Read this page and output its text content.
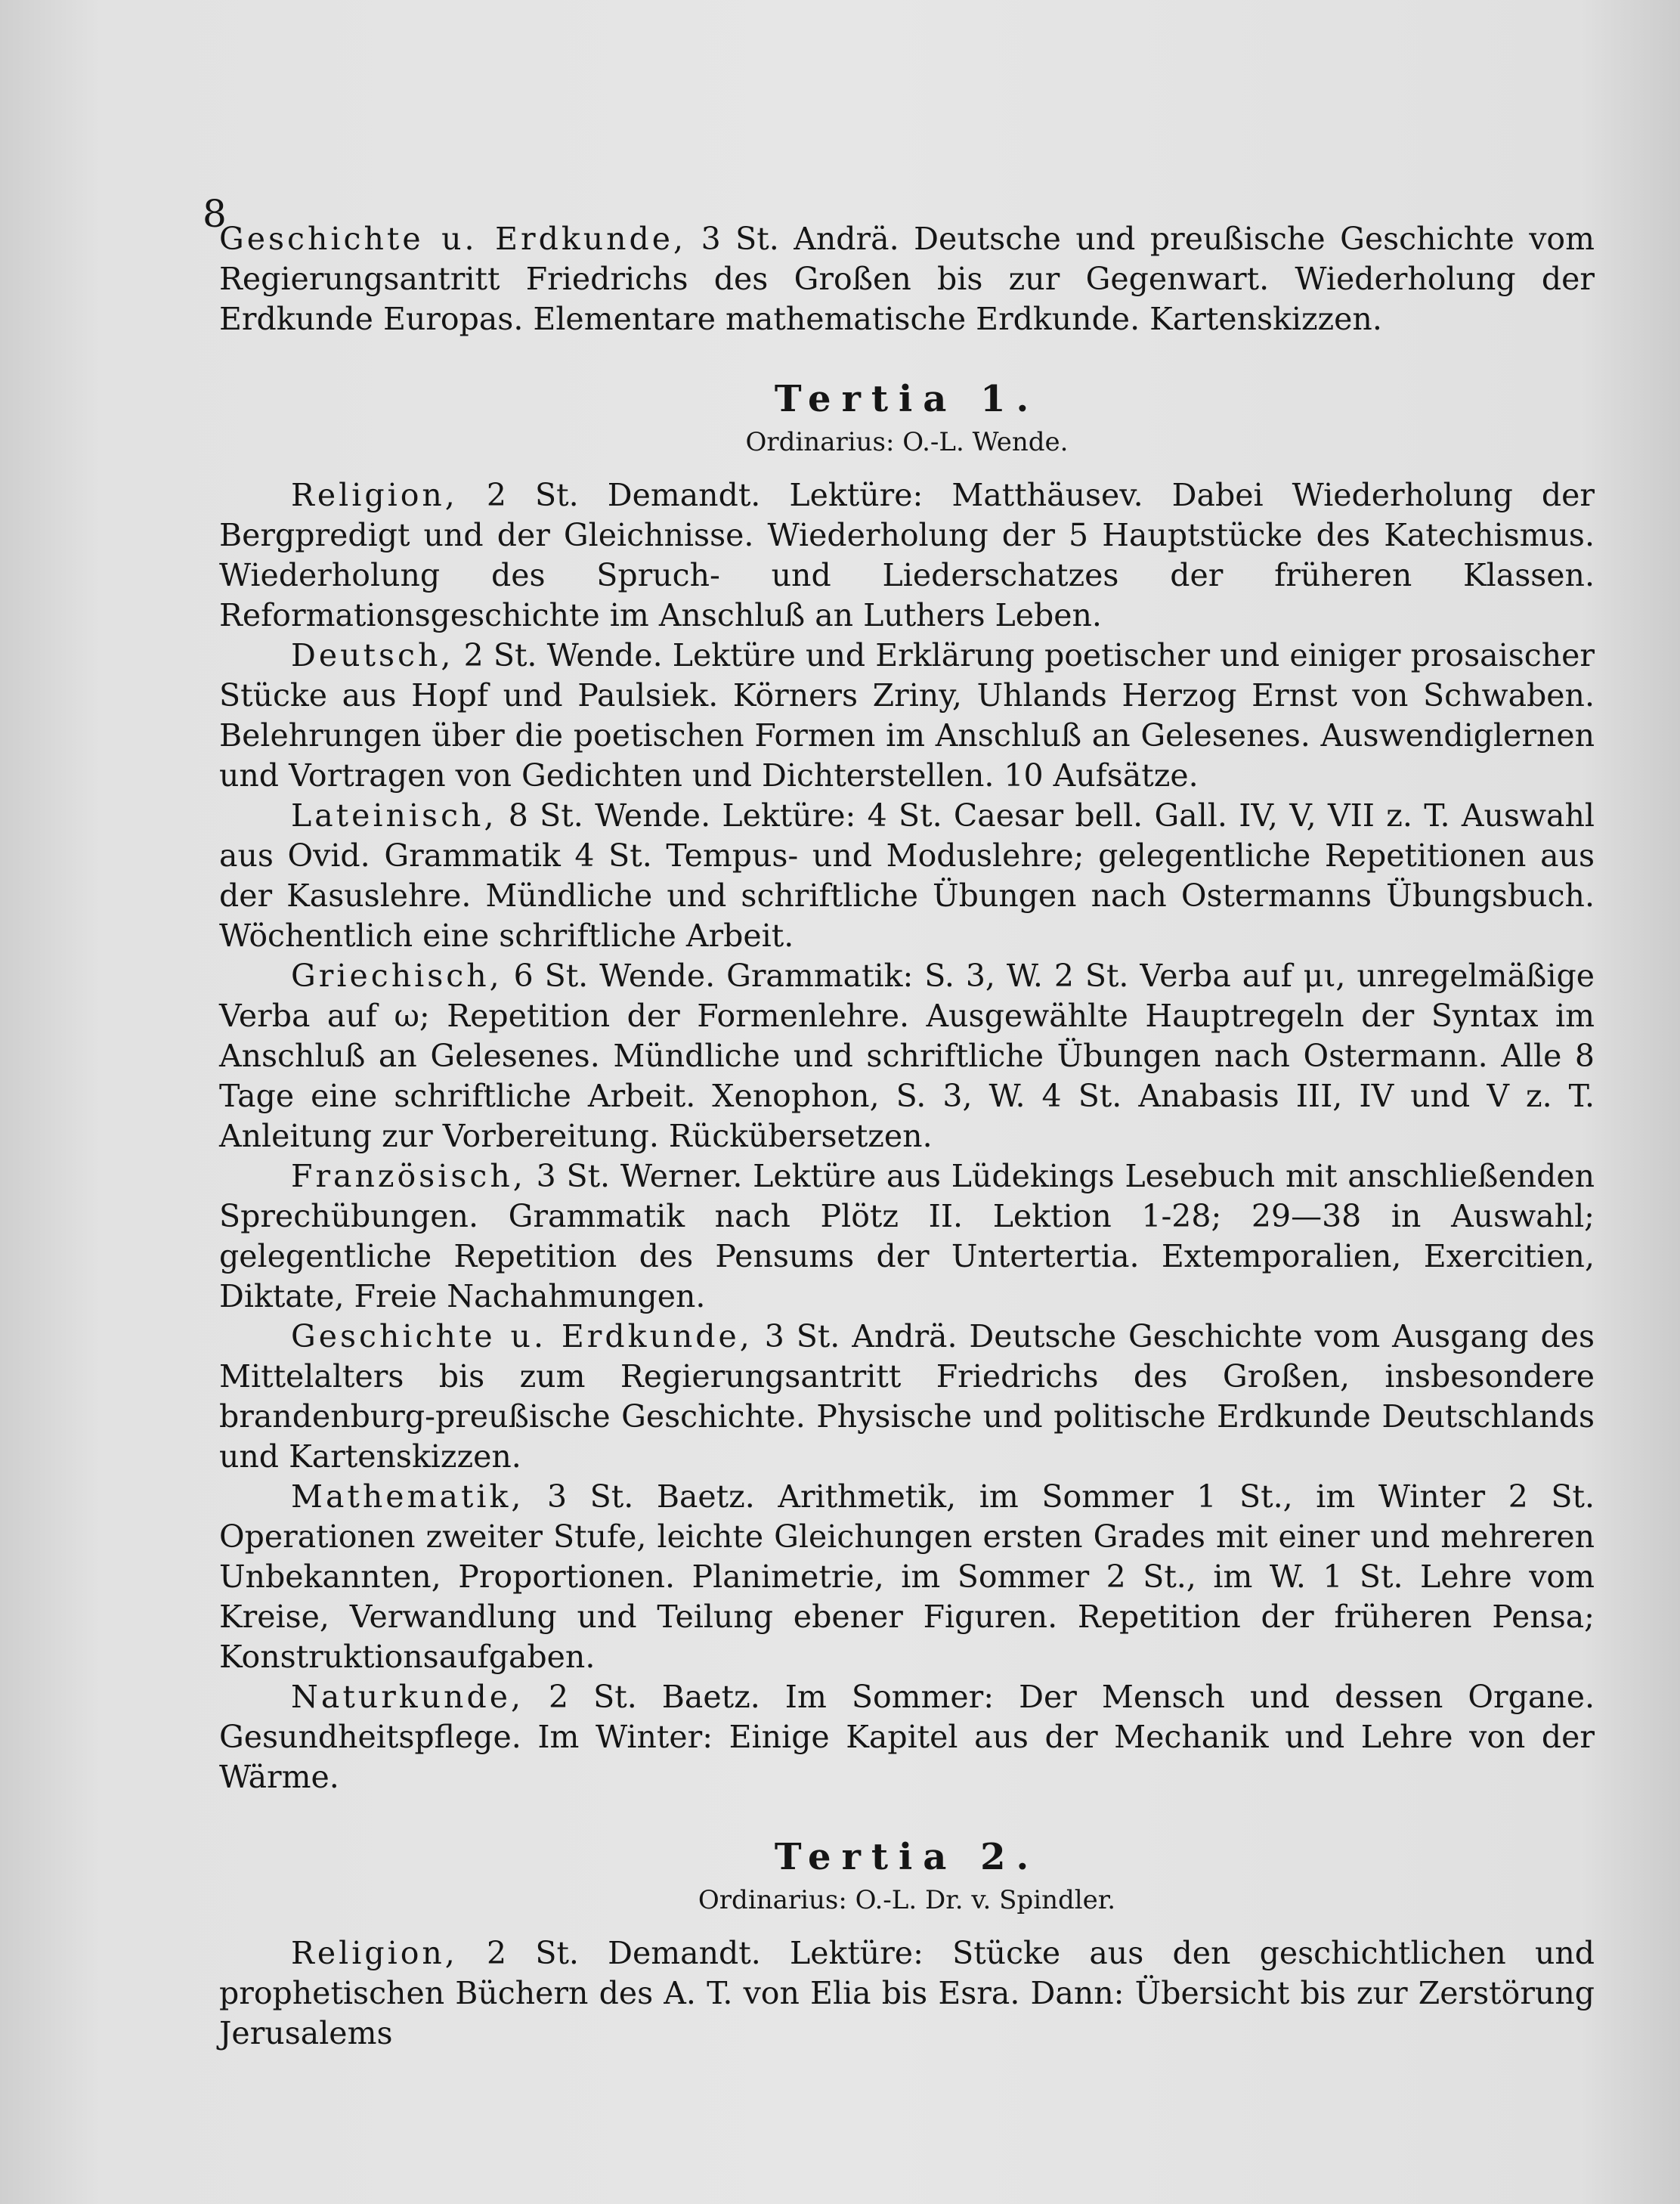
8

Geschichte u. Erdkunde, 3 St. Andrä. Deutsche und preußische Geschichte vom Regierungsantritt Friedrichs des Großen bis zur Gegenwart. Wiederholung der Erdkunde Europas. Elementare mathematische Erdkunde. Kartenskizzen.

Tertia 1.
Ordinarius: O.-L. Wende.

Religion, 2 St. Demandt. Lektüre: Matthäusev. Dabei Wiederholung der Bergpredigt und der Gleichnisse. Wiederholung der 5 Hauptstücke des Katechismus. Wiederholung des Spruch- und Liederschatzes der früheren Klassen. Reformationsgeschichte im Anschluß an Luthers Leben.

Deutsch, 2 St. Wende. Lektüre und Erklärung poetischer und einiger prosaischer Stücke aus Hopf und Paulsiek. Körners Zriny, Uhlands Herzog Ernst von Schwaben. Belehrungen über die poetischen Formen im Anschluß an Gelesenes. Auswendiglernen und Vortragen von Gedichten und Dichterstellen. 10 Aufsätze.

Lateinisch, 8 St. Wende. Lektüre: 4 St. Caesar bell. Gall. IV, V, VII z. T. Auswahl aus Ovid. Grammatik 4 St. Tempus- und Moduslehre; gelegentliche Repetitionen aus der Kasuslehre. Mündliche und schriftliche Übungen nach Ostermanns Übungsbuch. Wöchentlich eine schriftliche Arbeit.

Griechisch, 6 St. Wende. Grammatik: S. 3, W. 2 St. Verba auf μι, unregelmäßige Verba auf ω; Repetition der Formenlehre. Ausgewählte Hauptregeln der Syntax im Anschluß an Gelesenes. Mündliche und schriftliche Übungen nach Ostermann. Alle 8 Tage eine schriftliche Arbeit. Xenophon, S. 3, W. 4 St. Anabasis III, IV und V z. T. Anleitung zur Vorbereitung. Rückübersetzen.

Französisch, 3 St. Werner. Lektüre aus Lüdekings Lesebuch mit anschließenden Sprechübungen. Grammatik nach Plötz II. Lektion 1-28; 29—38 in Auswahl; gelegentliche Repetition des Pensums der Untertertia. Extemporalien, Exercitien, Diktate, Freie Nachahmungen.

Geschichte u. Erdkunde, 3 St. Andrä. Deutsche Geschichte vom Ausgang des Mittelalters bis zum Regierungsantritt Friedrichs des Großen, insbesondere brandenburg-preußische Geschichte. Physische und politische Erdkunde Deutschlands und Kartenskizzen.

Mathematik, 3 St. Baetz. Arithmetik, im Sommer 1 St., im Winter 2 St. Operationen zweiter Stufe, leichte Gleichungen ersten Grades mit einer und mehreren Unbekannten, Proportionen. Planimetrie, im Sommer 2 St., im W. 1 St. Lehre vom Kreise, Verwandlung und Teilung ebener Figuren. Repetition der früheren Pensa; Konstruktionsaufgaben.

Naturkunde, 2 St. Baetz. Im Sommer: Der Mensch und dessen Organe. Gesundheitspflege. Im Winter: Einige Kapitel aus der Mechanik und Lehre von der Wärme.

Tertia 2.
Ordinarius: O.-L. Dr. v. Spindler.

Religion, 2 St. Demandt. Lektüre: Stücke aus den geschichtlichen und prophetischen Büchern des A. T. von Elia bis Esra. Dann: Übersicht bis zur Zerstörung Jerusalems
